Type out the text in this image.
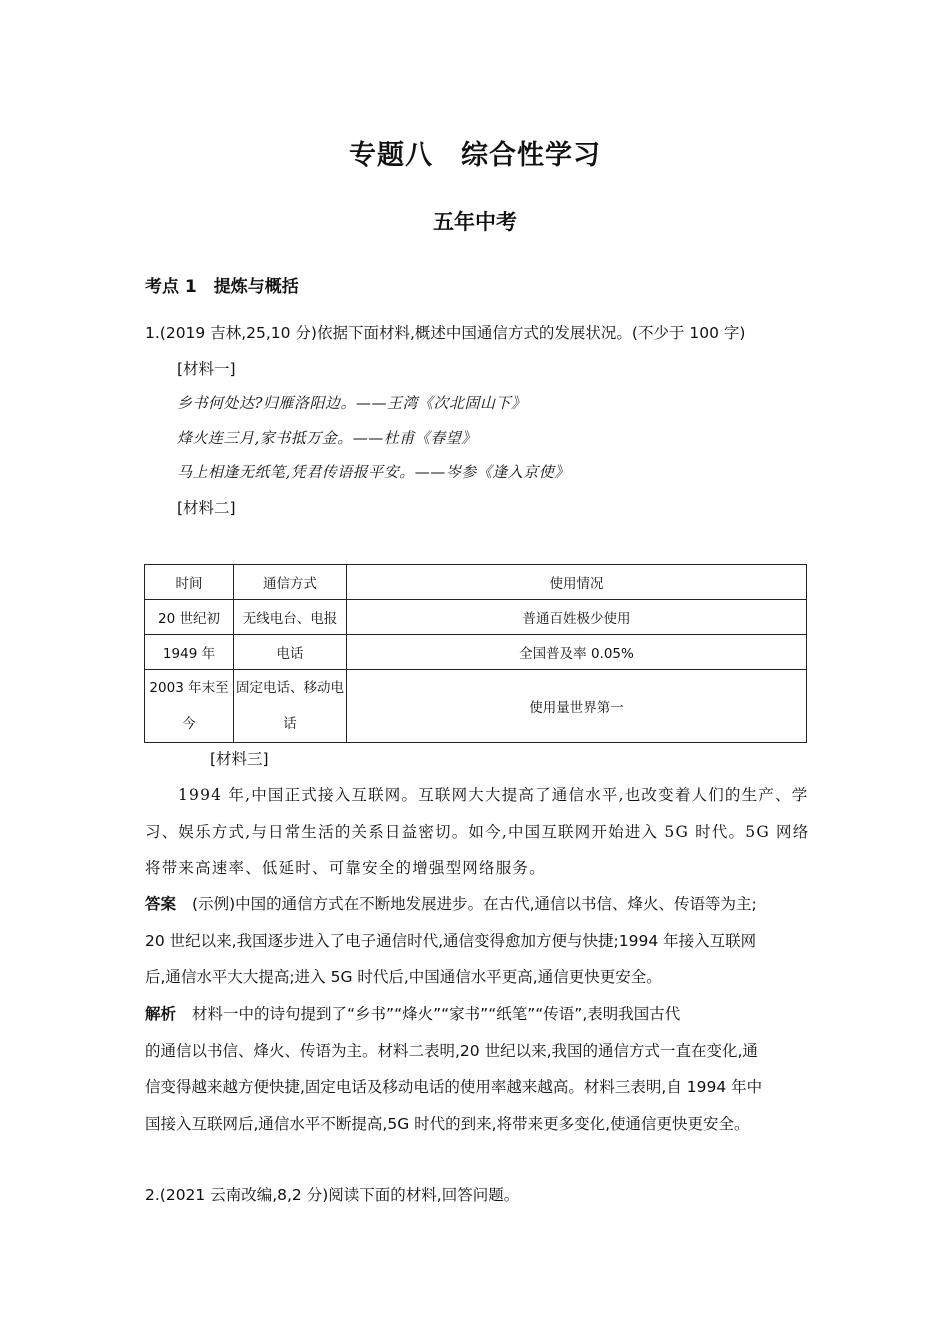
专题八　综合性学习
五年中考
考点 1　提炼与概括
1.(2019 吉林,25,10 分)依据下面材料,概述中国通信方式的发展状况。(不少于 100 字)
[材料一]
乡书何处达?归雁洛阳边。——王湾《次北固山下》
烽火连三月,家书抵万金。——杜甫《春望》
马上相逢无纸笔,凭君传语报平安。——岑参《逢入京使》
[材料二]
时间	通信方式	使用情况
20 世纪初	无线电台、电报	普通百姓极少使用
1949 年	电话	全国普及率 0.05%
2003 年末至今	固定电话、移动电话	使用量世界第一
[材料三]
1994 年,中国正式接入互联网。互联网大大提高了通信水平,也改变着人们的生产、学
习、娱乐方式,与日常生活的关系日益密切。如今,中国互联网开始进入 5G 时代。5G 网络
将带来高速率、低延时、可靠安全的增强型网络服务。
答案 (示例)中国的通信方式在不断地发展进步。在古代,通信以书信、烽火、传语等为主;
20 世纪以来,我国逐步进入了电子通信时代,通信变得愈加方便与快捷;1994 年接入互联网
后,通信水平大大提高;进入 5G 时代后,中国通信水平更高,通信更快更安全。
解析 材料一中的诗句提到了“乡书”“烽火”“家书”“纸笔”“传语”,表明我国古代
的通信以书信、烽火、传语为主。材料二表明,20 世纪以来,我国的通信方式一直在变化,通
信变得越来越方便快捷,固定电话及移动电话的使用率越来越高。材料三表明,自 1994 年中
国接入互联网后,通信水平不断提高,5G 时代的到来,将带来更多变化,使通信更快更安全。
2.(2021 云南改编,8,2 分)阅读下面的材料,回答问题。
